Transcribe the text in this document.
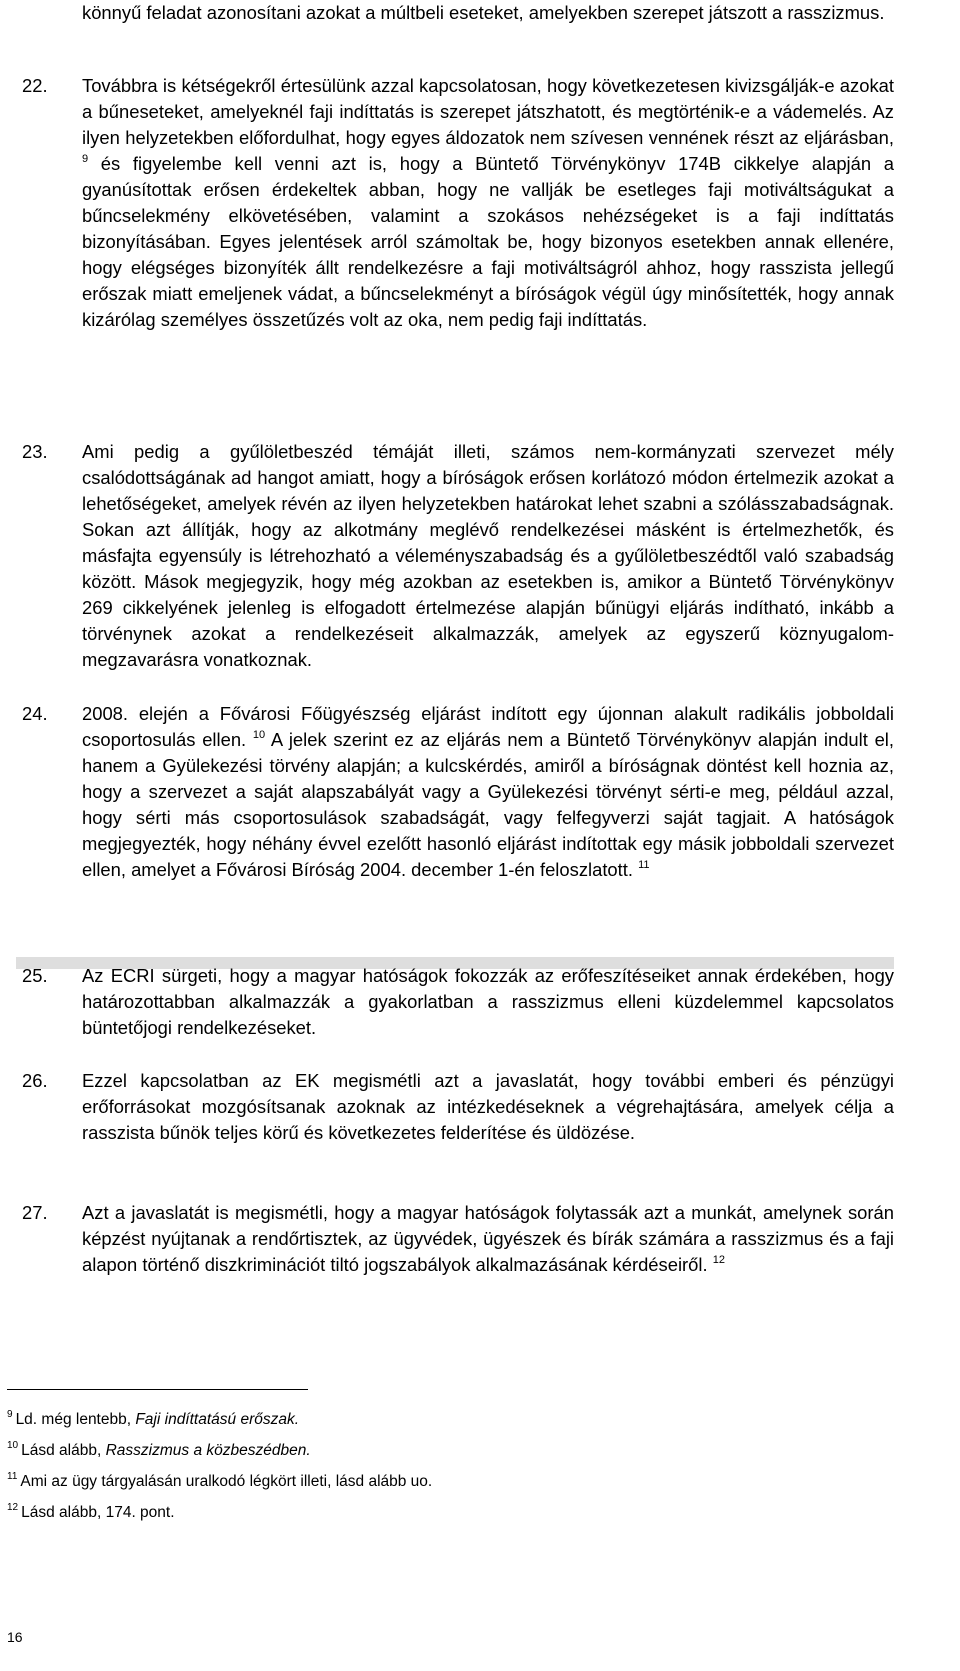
könnyű feladat azonosítani azokat a múltbeli eseteket, amelyekben szerepet játszott a rasszizmus.
22. Továbbra is kétségekről értesülünk azzal kapcsolatosan, hogy következetesen kivizsgálják-e azokat a bűneseteket, amelyeknél faji indíttatás is szerepet játszhatott, és megtörténik-e a vádemelés. Az ilyen helyzetekben előfordulhat, hogy egyes áldozatok nem szívesen vennének részt az eljárásban, $^9$ és figyelembe kell venni azt is, hogy a Büntető Törvénykönyv 174B cikkelye alapján a gyanúsítottak erősen érdekeltek abban, hogy ne vallják be esetleges faji motiváltságukat a bűncselekmény elkövetésében, valamint a szokásos nehézségeket is a faji indíttatás bizonyításában. Egyes jelentések arról számoltak be, hogy bizonyos esetekben annak ellenére, hogy elégséges bizonyíték állt rendelkezésre a faji motiváltságról ahhoz, hogy rasszista jellegű erőszak miatt emeljenek vádat, a bűncselekményt a bíróságok végül úgy minősítették, hogy annak kizárólag személyes összetűzés volt az oka, nem pedig faji indíttatás.
23. Ami pedig a gyűlöletbeszéd témáját illeti, számos nem-kormányzati szervezet mély csalódottságának ad hangot amiatt, hogy a bíróságok erősen korlátozó módon értelmezik azokat a lehetőségeket, amelyek révén az ilyen helyzetekben határokat lehet szabni a szólásszabadságnak. Sokan azt állítják, hogy az alkotmány meglévő rendelkezései másként is értelmezhetők, és másfajta egyensúly is létrehozható a véleményszabadság és a gyűlöletbeszédtől való szabadság között. Mások megjegyzik, hogy még azokban az esetekben is, amikor a Büntető Törvénykönyv 269 cikkelyének jelenleg is elfogadott értelmezése alapján bűnügyi eljárás indítható, inkább a törvénynek azokat a rendelkezéseit alkalmazzák, amelyek az egyszerű köznyugalom-megzavarásra vonatkoznak.
24. 2008. elején a Fővárosi Főügyészség eljárást indított egy újonnan alakult radikális jobboldali csoportosulás ellen. $^{10}$ A jelek szerint ez az eljárás nem a Büntető Törvénykönyv alapján indult el, hanem a Gyülekezési törvény alapján; a kulcskérdés, amiről a bíróságnak döntést kell hoznia az, hogy a szervezet a saját alapszabályát vagy a Gyülekezési törvényt sérti-e meg, például azzal, hogy sérti más csoportosulások szabadságát, vagy felfegyverzi saját tagjait. A hatóságok megjegyezték, hogy néhány évvel ezelőtt hasonló eljárást indítottak egy másik jobboldali szervezet ellen, amelyet a Fővárosi Bíróság 2004. december 1-én feloszlatott. $^{11}$
25. Az ECRI sürgeti, hogy a magyar hatóságok fokozzák az erőfeszítéseiket annak érdekében, hogy határozottabban alkalmazzák a gyakorlatban a rasszizmus elleni küzdelemmel kapcsolatos büntetőjogi rendelkezéseket.
26. Ezzel kapcsolatban az EK megismétli azt a javaslatát, hogy további emberi és pénzügyi erőforrásokat mozgósítsanak azoknak az intézkedéseknek a végrehajtására, amelyek célja a rasszista bűnök teljes körű és következetes felderítése és üldözése.
27. Azt a javaslatát is megismétli, hogy a magyar hatóságok folytassák azt a munkát, amelynek során képzést nyújtanak a rendőrtisztek, az ügyvédek, ügyészek és bírák számára a rasszizmus és a faji alapon történő diszkriminációt tiltó jogszabályok alkalmazásának kérdéseiről. $^{12}$
$^9$ Ld. még lentebb, Faji indíttatású erőszak.
$^{10}$ Lásd alább, Rasszizmus a közbeszédben.
$^{11}$ Ami az ügy tárgyalásán uralkodó légkört illeti, lásd alább uo.
$^{12}$ Lásd alább, 174. pont.
16
